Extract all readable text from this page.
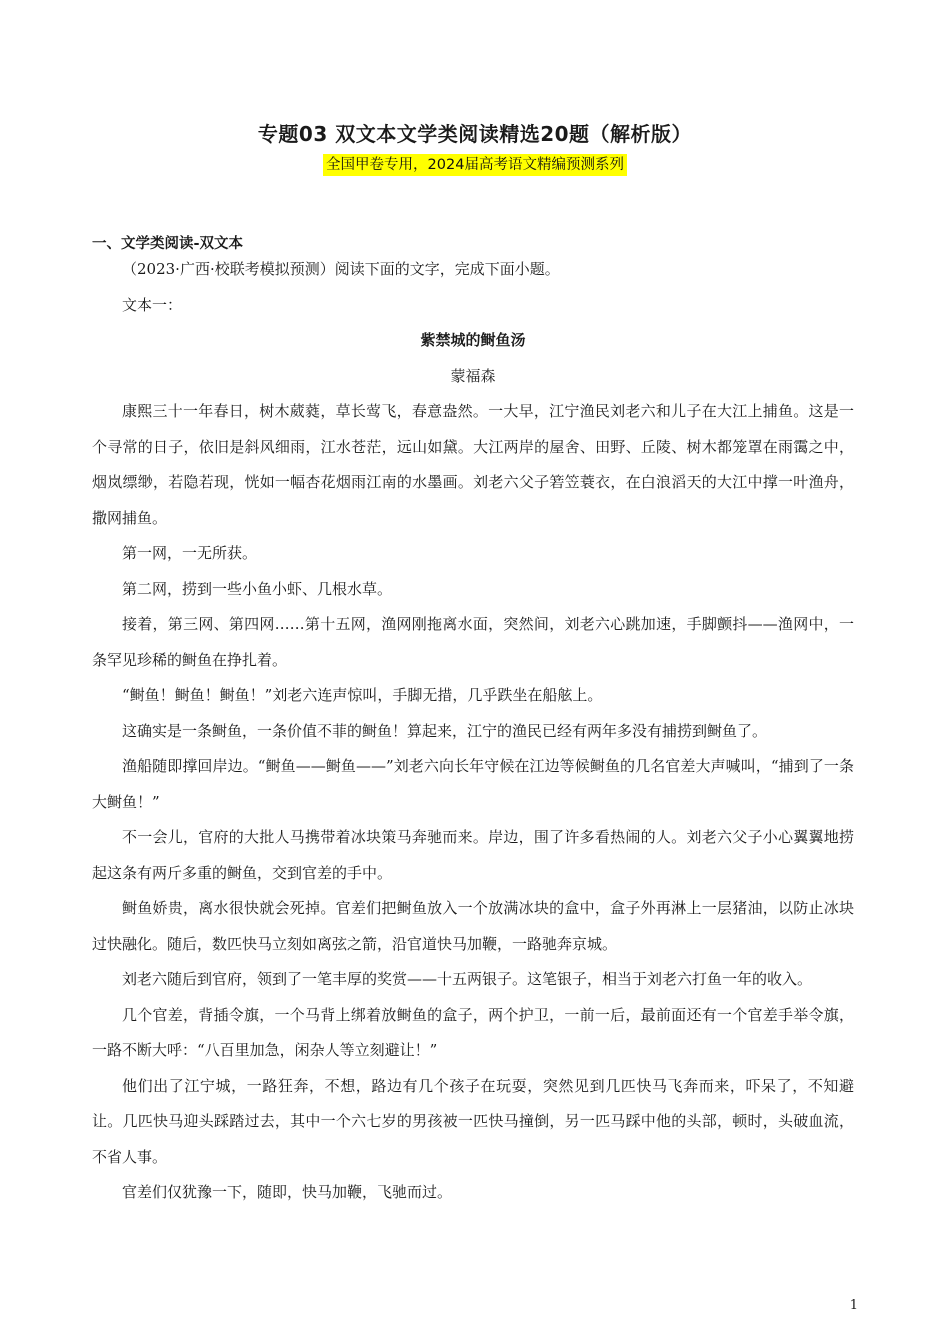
专题03 双文本文学类阅读精选20题（解析版）
全国甲卷专用，2024届高考语文精编预测系列
一、文学类阅读-双文本

（2023·广西·校联考模拟预测）阅读下面的文字，完成下面小题。

文本一：

紫禁城的鲥鱼汤

蒙福森

康熙三十一年春日，树木葳蕤，草长莺飞，春意盎然。一大早，江宁渔民刘老六和儿子在大江上捕鱼。这是一个寻常的日子，依旧是斜风细雨，江水苍茫，远山如黛。大江两岸的屋舍、田野、丘陵、树木都笼罩在雨霭之中，烟岚缥缈，若隐若现，恍如一幅杏花烟雨江南的水墨画。刘老六父子箬笠蓑衣，在白浪滔天的大江中撑一叶渔舟，撒网捕鱼。

第一网，一无所获。

第二网，捞到一些小鱼小虾、几根水草。

接着，第三网、第四网……第十五网，渔网刚拖离水面，突然间，刘老六心跳加速，手脚颤抖——渔网中，一条罕见珍稀的鲥鱼在挣扎着。

“鲥鱼！鲥鱼！鲥鱼！”刘老六连声惊叫，手脚无措，几乎跌坐在船舷上。

这确实是一条鲥鱼，一条价值不菲的鲥鱼！算起来，江宁的渔民已经有两年多没有捕捞到鲥鱼了。

渔船随即撑回岸边。“鲥鱼——鲥鱼——”刘老六向长年守候在江边等候鲥鱼的几名官差大声喊叫，“捕到了一条大鲥鱼！”

不一会儿，官府的大批人马携带着冰块策马奔驰而来。岸边，围了许多看热闹的人。刘老六父子小心翼翼地捞起这条有两斤多重的鲥鱼，交到官差的手中。

鲥鱼娇贵，离水很快就会死掉。官差们把鲥鱼放入一个放满冰块的盒中，盒子外再淋上一层猪油，以防止冰块过快融化。随后，数匹快马立刻如离弦之箭，沿官道快马加鞭，一路驰奔京城。

刘老六随后到官府，领到了一笔丰厚的奖赏——十五两银子。这笔银子，相当于刘老六打鱼一年的收入。

几个官差，背插令旗，一个马背上绑着放鲥鱼的盒子，两个护卫，一前一后，最前面还有一个官差手举令旗，一路不断大呼：“八百里加急，闲杂人等立刻避让！”

他们出了江宁城，一路狂奔，不想，路边有几个孩子在玩耍，突然见到几匹快马飞奔而来，吓呆了，不知避让。几匹快马迎头踩踏过去，其中一个六七岁的男孩被一匹快马撞倒，另一匹马踩中他的头部，顿时，头破血流，不省人事。

官差们仅犹豫一下，随即，快马加鞭，飞驰而过。

1
